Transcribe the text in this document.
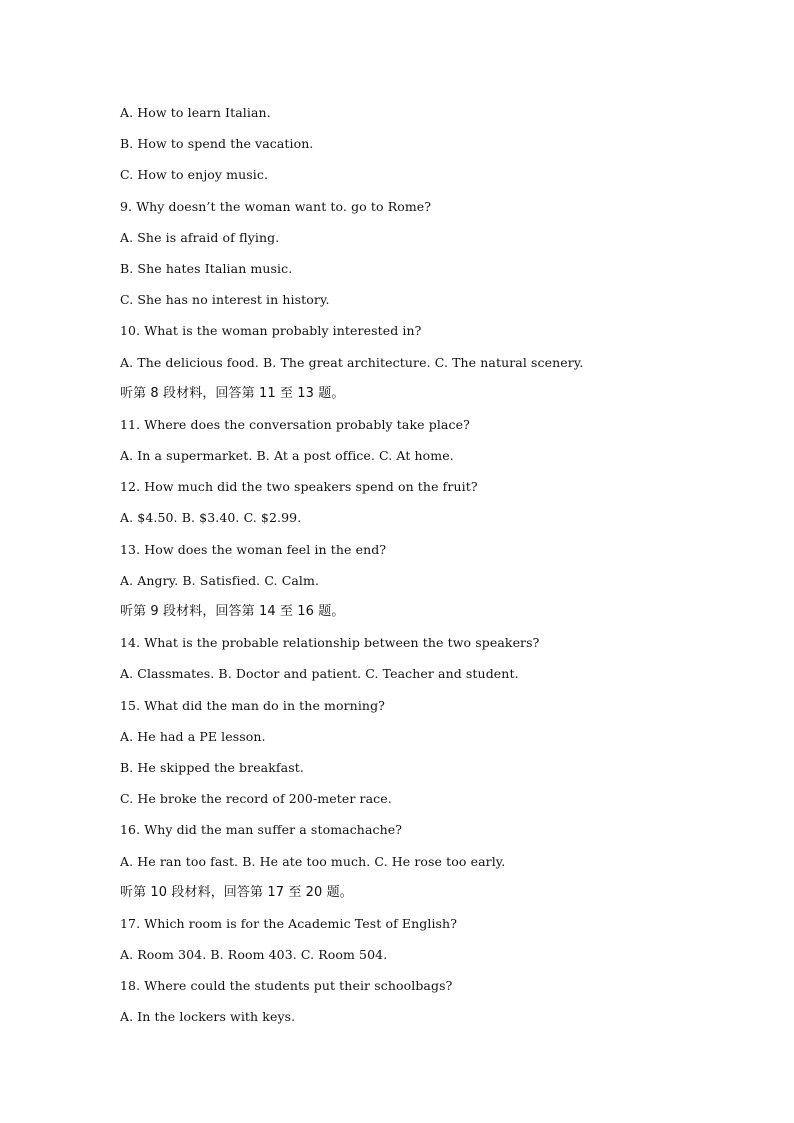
A. How to learn Italian.
B. How to spend the vacation.
C. How to enjoy music.
9. Why doesn’t the woman want to. go to Rome?
A. She is afraid of flying.
B. She hates Italian music.
C. She has no interest in history.
10. What is the woman probably interested in?
A. The delicious food. B. The great architecture. C. The natural scenery.
听第 8 段材料，回答第 11 至 13 题。
11. Where does the conversation probably take place?
A. In a supermarket. B. At a post office. C. At home.
12. How much did the two speakers spend on the fruit?
A. $4.50. B. $3.40. C. $2.99.
13. How does the woman feel in the end?
A. Angry. B. Satisfied. C. Calm.
听第 9 段材料，回答第 14 至 16 题。
14. What is the probable relationship between the two speakers?
A. Classmates. B. Doctor and patient. C. Teacher and student.
15. What did the man do in the morning?
A. He had a PE lesson.
B. He skipped the breakfast.
C. He broke the record of 200-meter race.
16. Why did the man suffer a stomachache?
A. He ran too fast. B. He ate too much. C. He rose too early.
听第 10 段材料，回答第 17 至 20 题。
17. Which room is for the Academic Test of English?
A. Room 304. B. Room 403. C. Room 504.
18. Where could the students put their schoolbags?
A. In the lockers with keys.
